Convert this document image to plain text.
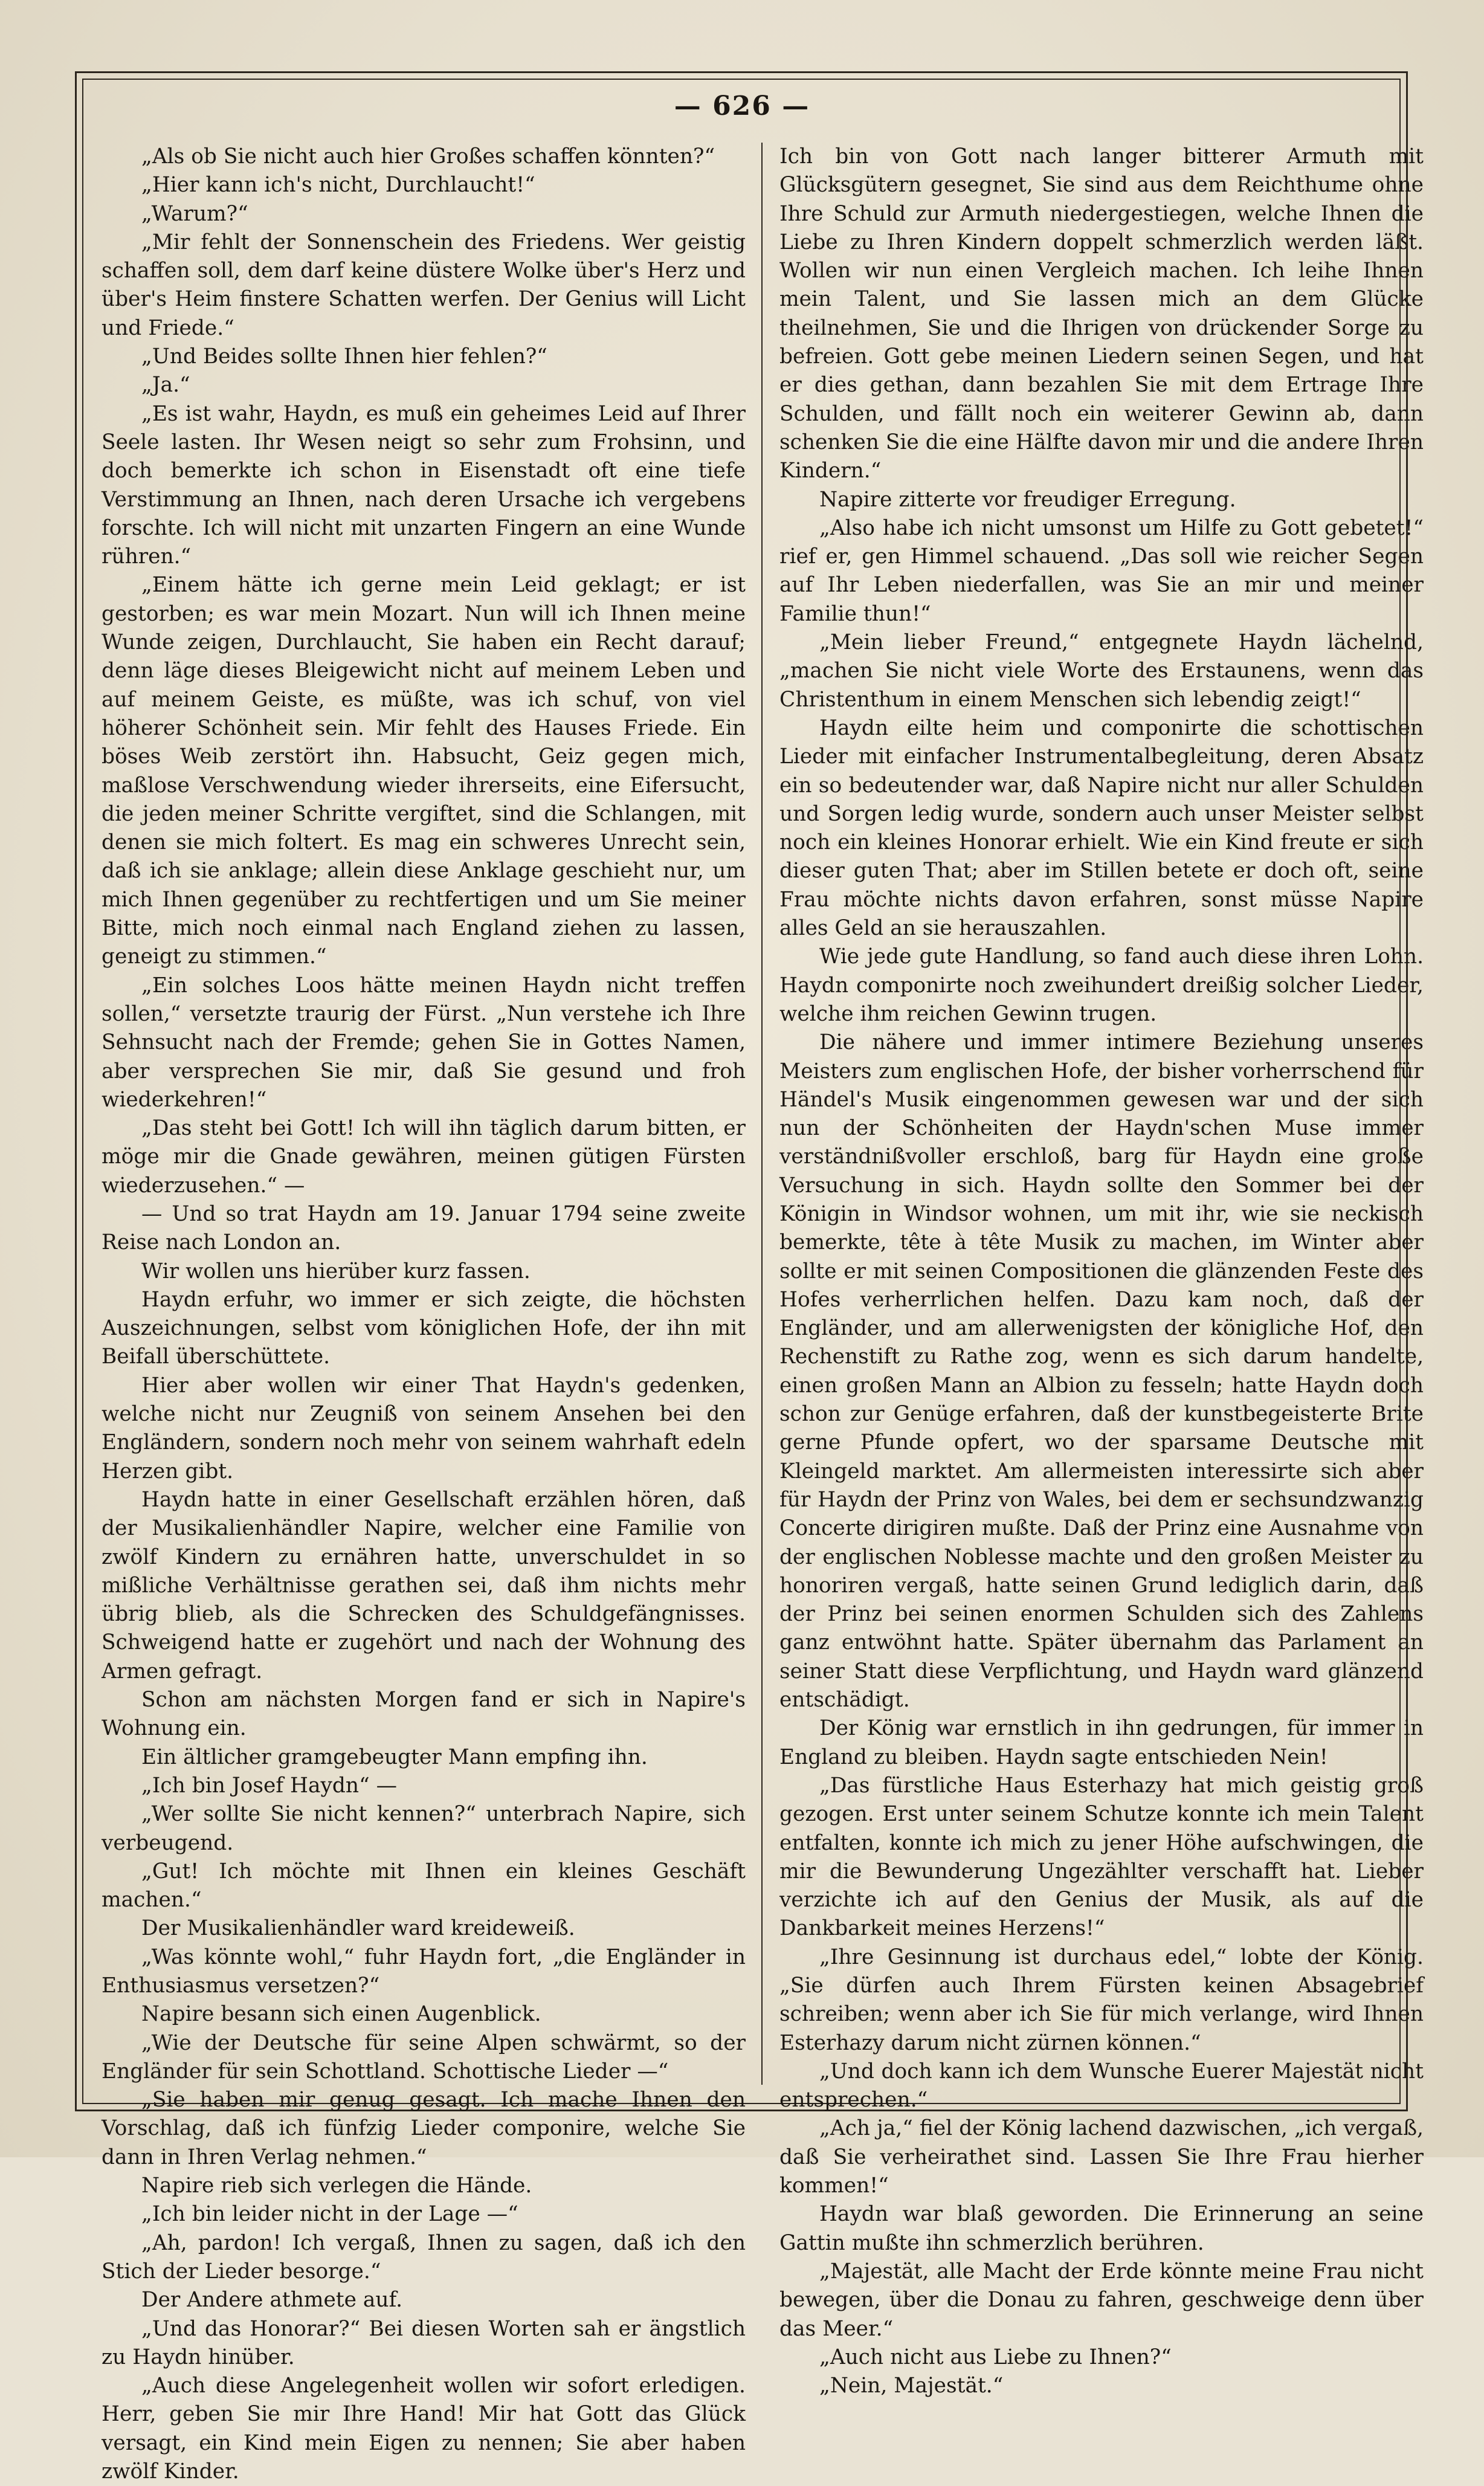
— 626 —

„Als ob Sie nicht auch hier Großes schaffen könnten?“

„Hier kann ich's nicht, Durchlaucht!“

„Warum?“

„Mir fehlt der Sonnenschein des Friedens. Wer geistig schaffen soll, dem darf keine düstere Wolke über's Herz und über's Heim finstere Schatten werfen. Der Genius will Licht und Friede.“

„Und Beides sollte Ihnen hier fehlen?“

„Ja.“

„Es ist wahr, Haydn, es muß ein geheimes Leid auf Ihrer Seele lasten. Ihr Wesen neigt so sehr zum Frohsinn, und doch bemerkte ich schon in Eisenstadt oft eine tiefe Verstimmung an Ihnen, nach deren Ursache ich vergebens forschte. Ich will nicht mit unzarten Fingern an eine Wunde rühren.“

„Einem hätte ich gerne mein Leid geklagt; er ist gestorben; es war mein Mozart. Nun will ich Ihnen meine Wunde zeigen, Durchlaucht, Sie haben ein Recht darauf; denn läge dieses Bleigewicht nicht auf meinem Leben und auf meinem Geiste, es müßte, was ich schuf, von viel höherer Schönheit sein. Mir fehlt des Hauses Friede. Ein böses Weib zerstört ihn. Habsucht, Geiz gegen mich, maßlose Verschwendung wieder ihrerseits, eine Eifersucht, die jeden meiner Schritte vergiftet, sind die Schlangen, mit denen sie mich foltert. Es mag ein schweres Unrecht sein, daß ich sie anklage; allein diese Anklage geschieht nur, um mich Ihnen gegenüber zu rechtfertigen und um Sie meiner Bitte, mich noch einmal nach England ziehen zu lassen, geneigt zu stimmen.“

„Ein solches Loos hätte meinen Haydn nicht treffen sollen,“ versetzte traurig der Fürst. „Nun verstehe ich Ihre Sehnsucht nach der Fremde; gehen Sie in Gottes Namen, aber versprechen Sie mir, daß Sie gesund und froh wiederkehren!“

„Das steht bei Gott! Ich will ihn täglich darum bitten, er möge mir die Gnade gewähren, meinen gütigen Fürsten wiederzusehen.“ —

— Und so trat Haydn am 19. Januar 1794 seine zweite Reise nach London an.

Wir wollen uns hierüber kurz fassen.

Haydn erfuhr, wo immer er sich zeigte, die höchsten Auszeichnungen, selbst vom königlichen Hofe, der ihn mit Beifall überschüttete.

Hier aber wollen wir einer That Haydn's gedenken, welche nicht nur Zeugniß von seinem Ansehen bei den Engländern, sondern noch mehr von seinem wahrhaft edeln Herzen gibt.

Haydn hatte in einer Gesellschaft erzählen hören, daß der Musikalienhändler Napire, welcher eine Familie von zwölf Kindern zu ernähren hatte, unverschuldet in so mißliche Verhältnisse gerathen sei, daß ihm nichts mehr übrig blieb, als die Schrecken des Schuldgefängnisses. Schweigend hatte er zugehört und nach der Wohnung des Armen gefragt.

Schon am nächsten Morgen fand er sich in Napire's Wohnung ein.

Ein ältlicher gramgebeugter Mann empfing ihn.

„Ich bin Josef Haydn“ —

„Wer sollte Sie nicht kennen?“ unterbrach Napire, sich verbeugend.

„Gut! Ich möchte mit Ihnen ein kleines Geschäft machen.“

Der Musikalienhändler ward kreideweiß.

„Was könnte wohl,“ fuhr Haydn fort, „die Engländer in Enthusiasmus versetzen?“

Napire besann sich einen Augenblick.

„Wie der Deutsche für seine Alpen schwärmt, so der Engländer für sein Schottland. Schottische Lieder —“

„Sie haben mir genug gesagt. Ich mache Ihnen den Vorschlag, daß ich fünfzig Lieder componire, welche Sie dann in Ihren Verlag nehmen.“

Napire rieb sich verlegen die Hände.

„Ich bin leider nicht in der Lage —“

„Ah, pardon! Ich vergaß, Ihnen zu sagen, daß ich den Stich der Lieder besorge.“

Der Andere athmete auf.

„Und das Honorar?“ Bei diesen Worten sah er ängstlich zu Haydn hinüber.

„Auch diese Angelegenheit wollen wir sofort erledigen. Herr, geben Sie mir Ihre Hand! Mir hat Gott das Glück versagt, ein Kind mein Eigen zu nennen; Sie aber haben zwölf Kinder.

Ich bin von Gott nach langer bitterer Armuth mit Glücksgütern gesegnet, Sie sind aus dem Reichthume ohne Ihre Schuld zur Armuth niedergestiegen, welche Ihnen die Liebe zu Ihren Kindern doppelt schmerzlich werden läßt. Wollen wir nun einen Vergleich machen. Ich leihe Ihnen mein Talent, und Sie lassen mich an dem Glücke theilnehmen, Sie und die Ihrigen von drückender Sorge zu befreien. Gott gebe meinen Liedern seinen Segen, und hat er dies gethan, dann bezahlen Sie mit dem Ertrage Ihre Schulden, und fällt noch ein weiterer Gewinn ab, dann schenken Sie die eine Hälfte davon mir und die andere Ihren Kindern.“

Napire zitterte vor freudiger Erregung.

„Also habe ich nicht umsonst um Hilfe zu Gott gebetet!“ rief er, gen Himmel schauend. „Das soll wie reicher Segen auf Ihr Leben niederfallen, was Sie an mir und meiner Familie thun!“

„Mein lieber Freund,“ entgegnete Haydn lächelnd, „machen Sie nicht viele Worte des Erstaunens, wenn das Christenthum in einem Menschen sich lebendig zeigt!“

Haydn eilte heim und componirte die schottischen Lieder mit einfacher Instrumentalbegleitung, deren Absatz ein so bedeutender war, daß Napire nicht nur aller Schulden und Sorgen ledig wurde, sondern auch unser Meister selbst noch ein kleines Honorar erhielt. Wie ein Kind freute er sich dieser guten That; aber im Stillen betete er doch oft, seine Frau möchte nichts davon erfahren, sonst müsse Napire alles Geld an sie herauszahlen.

Wie jede gute Handlung, so fand auch diese ihren Lohn. Haydn componirte noch zweihundert dreißig solcher Lieder, welche ihm reichen Gewinn trugen.

Die nähere und immer intimere Beziehung unseres Meisters zum englischen Hofe, der bisher vorherrschend für Händel's Musik eingenommen gewesen war und der sich nun der Schönheiten der Haydn'schen Muse immer verständnißvoller erschloß, barg für Haydn eine große Versuchung in sich. Haydn sollte den Sommer bei der Königin in Windsor wohnen, um mit ihr, wie sie neckisch bemerkte, tête à tête Musik zu machen, im Winter aber sollte er mit seinen Compositionen die glänzenden Feste des Hofes verherrlichen helfen. Dazu kam noch, daß der Engländer, und am allerwenigsten der königliche Hof, den Rechenstift zu Rathe zog, wenn es sich darum handelte, einen großen Mann an Albion zu fesseln; hatte Haydn doch schon zur Genüge erfahren, daß der kunstbegeisterte Brite gerne Pfunde opfert, wo der sparsame Deutsche mit Kleingeld marktet. Am allermeisten interessirte sich aber für Haydn der Prinz von Wales, bei dem er sechsundzwanzig Concerte dirigiren mußte. Daß der Prinz eine Ausnahme von der englischen Noblesse machte und den großen Meister zu honoriren vergaß, hatte seinen Grund lediglich darin, daß der Prinz bei seinen enormen Schulden sich des Zahlens ganz entwöhnt hatte. Später übernahm das Parlament an seiner Statt diese Verpflichtung, und Haydn ward glänzend entschädigt.

Der König war ernstlich in ihn gedrungen, für immer in England zu bleiben. Haydn sagte entschieden Nein!

„Das fürstliche Haus Esterhazy hat mich geistig groß gezogen. Erst unter seinem Schutze konnte ich mein Talent entfalten, konnte ich mich zu jener Höhe aufschwingen, die mir die Bewunderung Ungezählter verschafft hat. Lieber verzichte ich auf den Genius der Musik, als auf die Dankbarkeit meines Herzens!“

„Ihre Gesinnung ist durchaus edel,“ lobte der König. „Sie dürfen auch Ihrem Fürsten keinen Absagebrief schreiben; wenn aber ich Sie für mich verlange, wird Ihnen Esterhazy darum nicht zürnen können.“

„Und doch kann ich dem Wunsche Euerer Majestät nicht entsprechen.“

„Ach ja,“ fiel der König lachend dazwischen, „ich vergaß, daß Sie verheirathet sind. Lassen Sie Ihre Frau hierher kommen!“

Haydn war blaß geworden. Die Erinnerung an seine Gattin mußte ihn schmerzlich berühren.

„Majestät, alle Macht der Erde könnte meine Frau nicht bewegen, über die Donau zu fahren, geschweige denn über das Meer.“

„Auch nicht aus Liebe zu Ihnen?“

„Nein, Majestät.“
